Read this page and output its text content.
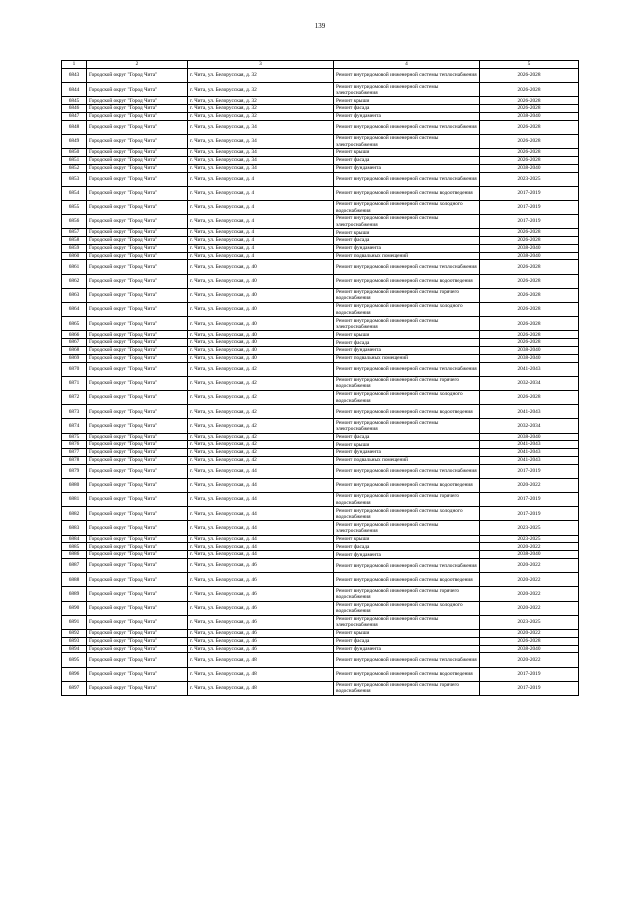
139
1	2	3	4	5
6843	Городской округ "Город Чита"	г. Чита, ул. Белорусская, д. 32	Ремонт внутридомовой инженерной системы теплоснабжения	2026-2028
6844	Городской округ "Город Чита"	г. Чита, ул. Белорусская, д. 32	Ремонт внутридомовой инженерной системы электроснабжения	2026-2028
6845	Городской округ "Город Чита"	г. Чита, ул. Белорусская, д. 32	Ремонт крыши	2026-2028
6846	Городской округ "Город Чита"	г. Чита, ул. Белорусская, д. 32	Ремонт фасада	2026-2028
6847	Городской округ "Город Чита"	г. Чита, ул. Белорусская, д. 32	Ремонт фундамента	2038-2040
6848	Городской округ "Город Чита"	г. Чита, ул. Белорусская, д. 34	Ремонт внутридомовой инженерной системы теплоснабжения	2026-2028
6849	Городской округ "Город Чита"	г. Чита, ул. Белорусская, д. 34	Ремонт внутридомовой инженерной системы электроснабжения	2026-2028
6850	Городской округ "Город Чита"	г. Чита, ул. Белорусская, д. 34	Ремонт крыши	2026-2028
6851	Городской округ "Город Чита"	г. Чита, ул. Белорусская, д. 34	Ремонт фасада	2026-2028
6852	Городской округ "Город Чита"	г. Чита, ул. Белорусская, д. 34	Ремонт фундамента	2038-2040
6853	Городской округ "Город Чита"	г. Чита, ул. Белорусская, д. 4	Ремонт внутридомовой инженерной системы теплоснабжения	2023-2025
6854	Городской округ "Город Чита"	г. Чита, ул. Белорусская, д. 4	Ремонт внутридомовой инженерной системы водоотведения	2017-2019
6855	Городской округ "Город Чита"	г. Чита, ул. Белорусская, д. 4	Ремонт внутридомовой инженерной системы холодного водоснабжения	2017-2019
6856	Городской округ "Город Чита"	г. Чита, ул. Белорусская, д. 4	Ремонт внутридомовой инженерной системы электроснабжения	2017-2019
6857	Городской округ "Город Чита"	г. Чита, ул. Белорусская, д. 4	Ремонт крыши	2026-2028
6858	Городской округ "Город Чита"	г. Чита, ул. Белорусская, д. 4	Ремонт фасада	2026-2028
6859	Городской округ "Город Чита"	г. Чита, ул. Белорусская, д. 4	Ремонт фундамента	2038-2040
6860	Городской округ "Город Чита"	г. Чита, ул. Белорусская, д. 4	Ремонт подвальных помещений	2038-2040
6861	Городской округ "Город Чита"	г. Чита, ул. Белорусская, д. 40	Ремонт внутридомовой инженерной системы теплоснабжения	2026-2028
6862	Городской округ "Город Чита"	г. Чита, ул. Белорусская, д. 40	Ремонт внутридомовой инженерной системы водоотведения	2026-2028
6863	Городской округ "Город Чита"	г. Чита, ул. Белорусская, д. 40	Ремонт внутридомовой инженерной системы горячего водоснабжения	2026-2028
6864	Городской округ "Город Чита"	г. Чита, ул. Белорусская, д. 40	Ремонт внутридомовой инженерной системы холодного водоснабжения	2026-2028
6865	Городской округ "Город Чита"	г. Чита, ул. Белорусская, д. 40	Ремонт внутридомовой инженерной системы электроснабжения	2026-2028
6866	Городской округ "Город Чита"	г. Чита, ул. Белорусская, д. 40	Ремонт крыши	2026-2028
6867	Городской округ "Город Чита"	г. Чита, ул. Белорусская, д. 40	Ремонт фасада	2026-2028
6868	Городской округ "Город Чита"	г. Чита, ул. Белорусская, д. 40	Ремонт фундамента	2038-2040
6869	Городской округ "Город Чита"	г. Чита, ул. Белорусская, д. 40	Ремонт подвальных помещений	2038-2040
6870	Городской округ "Город Чита"	г. Чита, ул. Белорусская, д. 42	Ремонт внутридомовой инженерной системы теплоснабжения	2041-2043
6871	Городской округ "Город Чита"	г. Чита, ул. Белорусская, д. 42	Ремонт внутридомовой инженерной системы горячего водоснабжения	2032-2034
6872	Городской округ "Город Чита"	г. Чита, ул. Белорусская, д. 42	Ремонт внутридомовой инженерной системы холодного водоснабжения	2026-2028
6873	Городской округ "Город Чита"	г. Чита, ул. Белорусская, д. 42	Ремонт внутридомовой инженерной системы водоотведения	2041-2043
6874	Городской округ "Город Чита"	г. Чита, ул. Белорусская, д. 42	Ремонт внутридомовой инженерной системы электроснабжения	2032-2034
6875	Городской округ "Город Чита"	г. Чита, ул. Белорусская, д. 42	Ремонт фасада	2038-2040
6876	Городской округ "Город Чита"	г. Чита, ул. Белорусская, д. 42	Ремонт крыши	2041-2043
6877	Городской округ "Город Чита"	г. Чита, ул. Белорусская, д. 42	Ремонт фундамента	2041-2043
6878	Городской округ "Город Чита"	г. Чита, ул. Белорусская, д. 42	Ремонт подвальных помещений	2041-2043
6879	Городской округ "Город Чита"	г. Чита, ул. Белорусская, д. 44	Ремонт внутридомовой инженерной системы теплоснабжения	2017-2019
6880	Городской округ "Город Чита"	г. Чита, ул. Белорусская, д. 44	Ремонт внутридомовой инженерной системы водоотведения	2020-2022
6881	Городской округ "Город Чита"	г. Чита, ул. Белорусская, д. 44	Ремонт внутридомовой инженерной системы горячего водоснабжения	2017-2019
6882	Городской округ "Город Чита"	г. Чита, ул. Белорусская, д. 44	Ремонт внутридомовой инженерной системы холодного водоснабжения	2017-2019
6883	Городской округ "Город Чита"	г. Чита, ул. Белорусская, д. 44	Ремонт внутридомовой инженерной системы электроснабжения	2023-2025
6884	Городской округ "Город Чита"	г. Чита, ул. Белорусская, д. 44	Ремонт крыши	2023-2025
6885	Городской округ "Город Чита"	г. Чита, ул. Белорусская, д. 44	Ремонт фасада	2020-2022
6886	Городской округ "Город Чита"	г. Чита, ул. Белорусская, д. 44	Ремонт фундамента	2038-2040
6887	Городской округ "Город Чита"	г. Чита, ул. Белорусская, д. 46	Ремонт внутридомовой инженерной системы теплоснабжения	2020-2022
6888	Городской округ "Город Чита"	г. Чита, ул. Белорусская, д. 46	Ремонт внутридомовой инженерной системы водоотведения	2020-2022
6889	Городской округ "Город Чита"	г. Чита, ул. Белорусская, д. 46	Ремонт внутридомовой инженерной системы горячего водоснабжения	2020-2022
6890	Городской округ "Город Чита"	г. Чита, ул. Белорусская, д. 46	Ремонт внутридомовой инженерной системы холодного водоснабжения	2020-2022
6891	Городской округ "Город Чита"	г. Чита, ул. Белорусская, д. 46	Ремонт внутридомовой инженерной системы электроснабжения	2023-2025
6892	Городской округ "Город Чита"	г. Чита, ул. Белорусская, д. 46	Ремонт крыши	2020-2022
6893	Городской округ "Город Чита"	г. Чита, ул. Белорусская, д. 46	Ремонт фасада	2026-2028
6894	Городской округ "Город Чита"	г. Чита, ул. Белорусская, д. 46	Ремонт фундамента	2038-2040
6895	Городской округ "Город Чита"	г. Чита, ул. Белорусская, д. 48	Ремонт внутридомовой инженерной системы теплоснабжения	2020-2022
6896	Городской округ "Город Чита"	г. Чита, ул. Белорусская, д. 48	Ремонт внутридомовой инженерной системы водоотведения	2017-2019
6897	Городской округ "Город Чита"	г. Чита, ул. Белорусская, д. 48	Ремонт внутридомовой инженерной системы горячего водоснабжения	2017-2019
